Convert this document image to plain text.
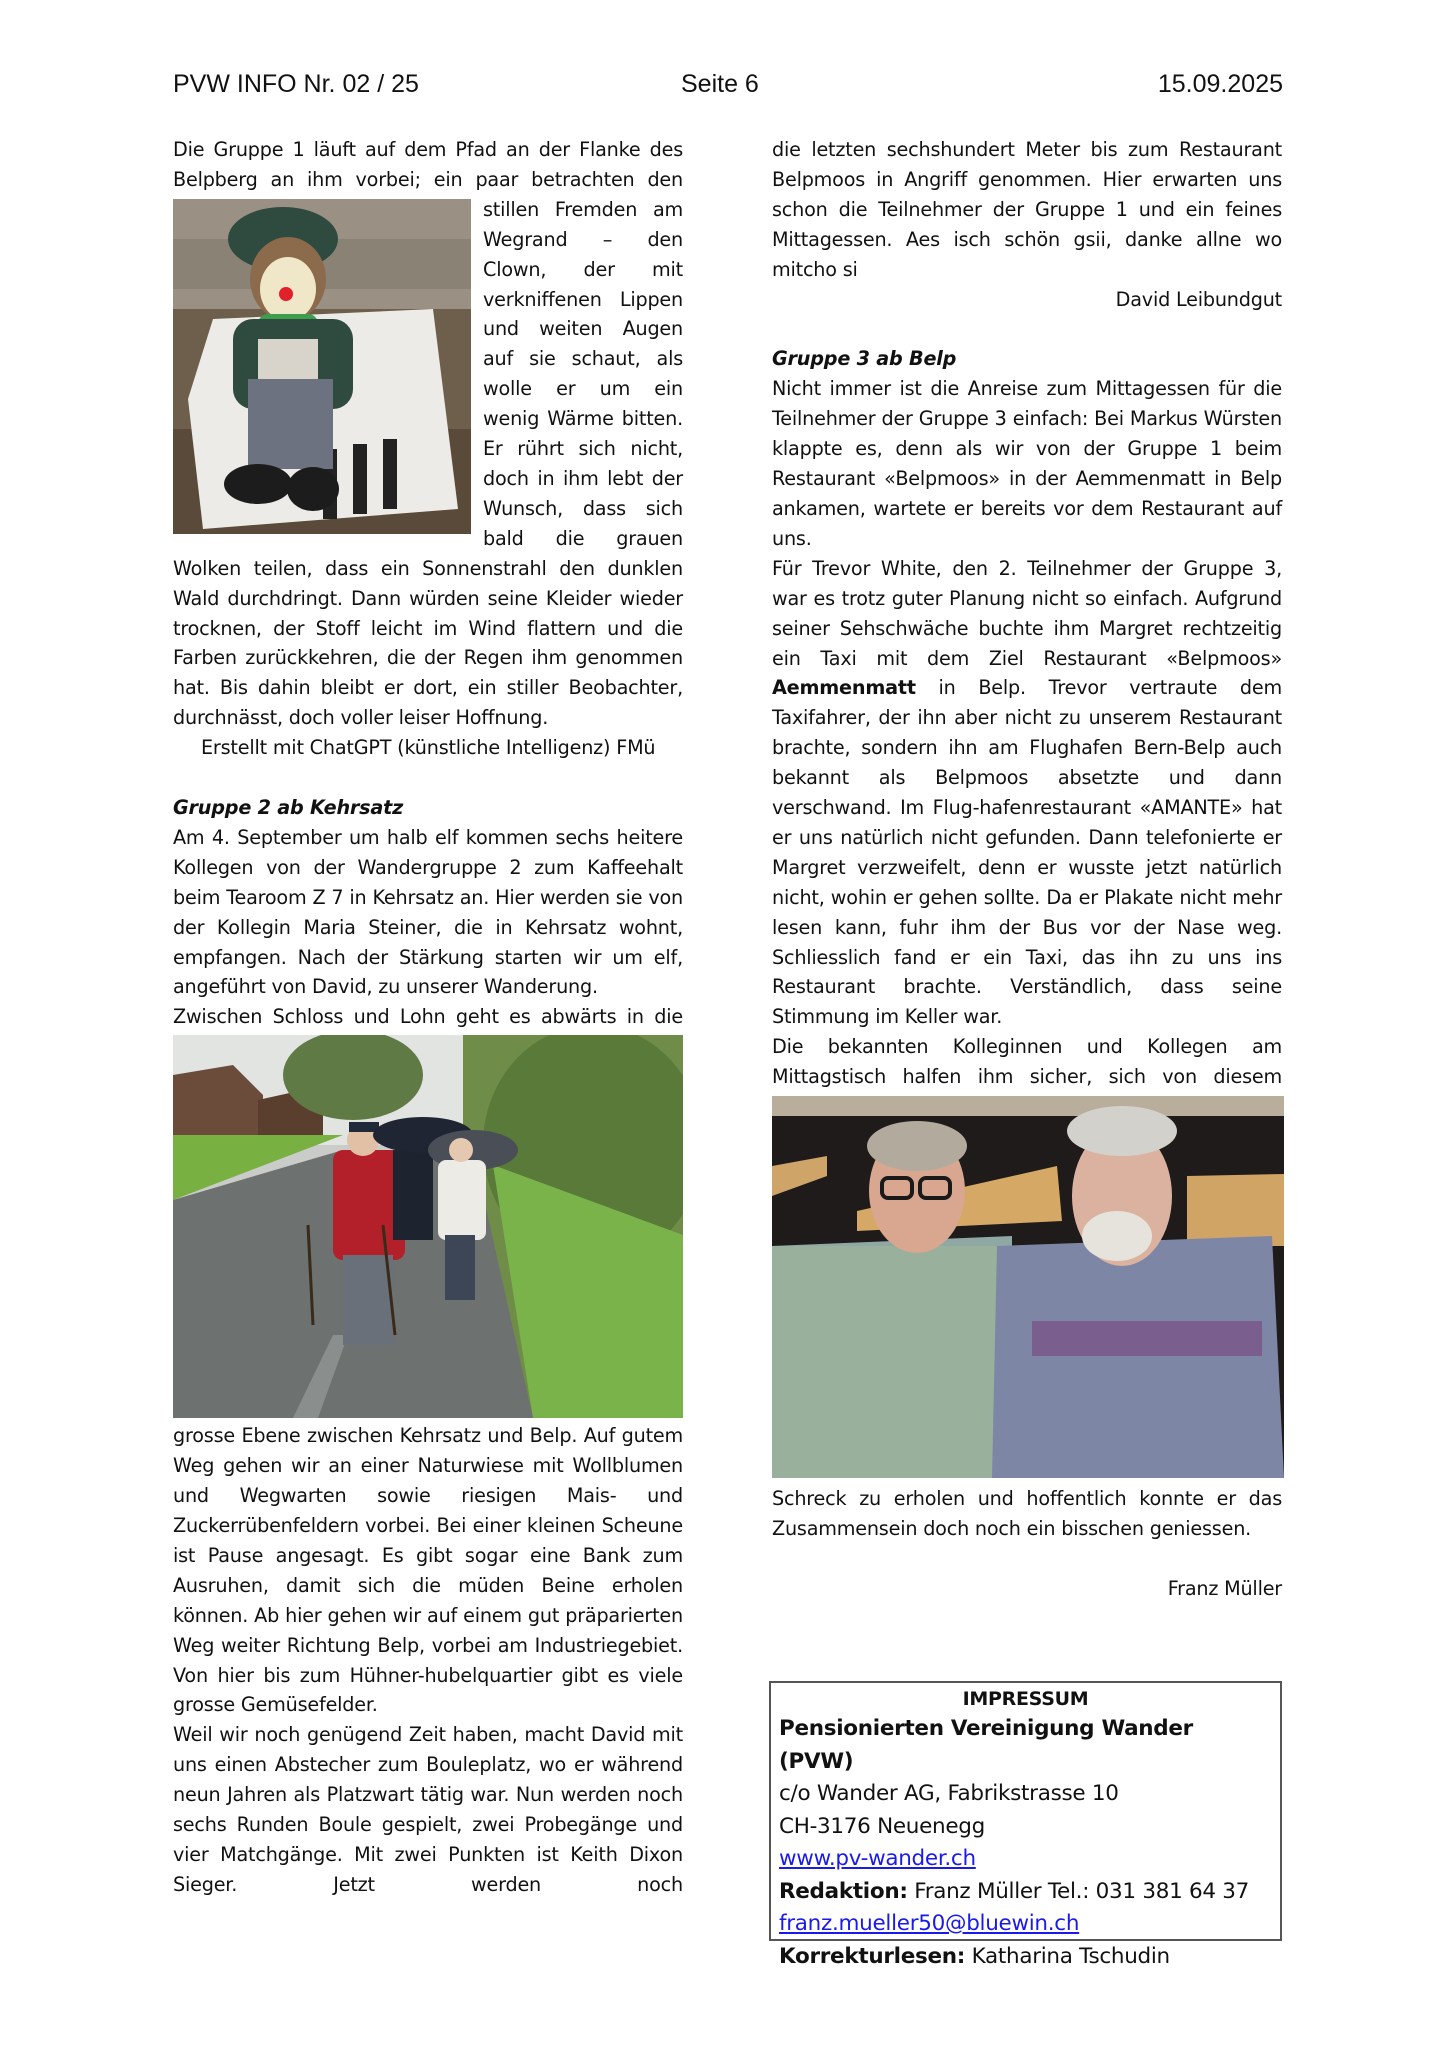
PVW INFO Nr. 02 / 25	Seite 6	15.09.2025

Die Gruppe 1 läuft auf dem Pfad an der Flanke des

Belpberg an ihm vorbei; ein paar betrachten den

stillen Fremden am

Wegrand – den

Clown, der mit

verkniffenen Lippen

und weiten Augen

auf sie schaut, als

wolle er um ein

wenig Wärme bitten.

Er rührt sich nicht,

doch in ihm lebt der

Wunsch, dass sich

bald die grauen

Wolken teilen, dass ein Sonnenstrahl den dunklen Wald durchdringt. Dann würden seine Kleider wieder trocknen, der Stoff leicht im Wind flattern und die Farben zurückkehren, die der Regen ihm genommen hat. Bis dahin bleibt er dort, ein stiller Beobachter, durchnässt, doch voller leiser Hoffnung.

Erstellt mit ChatGPT (künstliche Intelligenz) FMü

Gruppe 2 ab Kehrsatz

Am 4. September um halb elf kommen sechs heitere Kollegen von der Wandergruppe 2 zum Kaffeehalt beim Tearoom Z 7 in Kehrsatz an. Hier werden sie von der Kollegin Maria Steiner, die in Kehrsatz wohnt, empfangen. Nach der Stärkung starten wir um elf, angeführt von David, zu unserer Wanderung.

Zwischen Schloss und Lohn geht es abwärts in die

grosse Ebene zwischen Kehrsatz und Belp. Auf gutem Weg gehen wir an einer Naturwiese mit Wollblumen und Wegwarten sowie riesigen Mais- und Zuckerrübenfeldern vorbei. Bei einer kleinen Scheune ist Pause angesagt. Es gibt sogar eine Bank zum Ausruhen, damit sich die müden Beine erholen können. Ab hier gehen wir auf einem gut präparierten Weg weiter Richtung Belp, vorbei am Industriegebiet. Von hier bis zum Hühner-hubelquartier gibt es viele grosse Gemüsefelder.

Weil wir noch genügend Zeit haben, macht David mit uns einen Abstecher zum Bouleplatz, wo er während neun Jahren als Platzwart tätig war. Nun werden noch sechs Runden Boule gespielt, zwei Probegänge und vier Matchgänge. Mit zwei Punkten ist Keith Dixon Sieger. Jetzt werden noch

die letzten sechshundert Meter bis zum Restaurant Belpmoos in Angriff genommen. Hier erwarten uns schon die Teilnehmer der Gruppe 1 und ein feines Mittagessen. Aes isch schön gsii, danke allne wo mitcho si

David Leibundgut

Gruppe 3 ab Belp

Nicht immer ist die Anreise zum Mittagessen für die Teilnehmer der Gruppe 3 einfach: Bei Markus Würsten klappte es, denn als wir von der Gruppe 1 beim Restaurant «Belpmoos» in der Aemmenmatt in Belp ankamen, wartete er bereits vor dem Restaurant auf uns.

Für Trevor White, den 2. Teilnehmer der Gruppe 3, war es trotz guter Planung nicht so einfach. Aufgrund seiner Sehschwäche buchte ihm Margret rechtzeitig ein Taxi mit dem Ziel Restaurant «Belpmoos» Aemmenmatt in Belp. Trevor vertraute dem Taxifahrer, der ihn aber nicht zu unserem Restaurant brachte, sondern ihn am Flughafen Bern-Belp auch bekannt als Belpmoos absetzte und dann verschwand. Im Flug-hafenrestaurant «AMANTE» hat er uns natürlich nicht gefunden. Dann telefonierte er Margret verzweifelt, denn er wusste jetzt natürlich nicht, wohin er gehen sollte. Da er Plakate nicht mehr lesen kann, fuhr ihm der Bus vor der Nase weg. Schliesslich fand er ein Taxi, das ihn zu uns ins Restaurant brachte. Verständlich, dass seine Stimmung im Keller war.

Die bekannten Kolleginnen und Kollegen am Mittagstisch halfen ihm sicher, sich von diesem

Schreck zu erholen und hoffentlich konnte er das Zusammensein doch noch ein bisschen geniessen.

Franz Müller

IMPRESSUM
Pensionierten Vereinigung Wander (PVW)
c/o Wander AG, Fabrikstrasse 10
CH-3176 Neuenegg
www.pv-wander.ch
Redaktion: Franz Müller Tel.: 031 381 64 37
franz.mueller50@bluewin.ch
Korrekturlesen: Katharina Tschudin
